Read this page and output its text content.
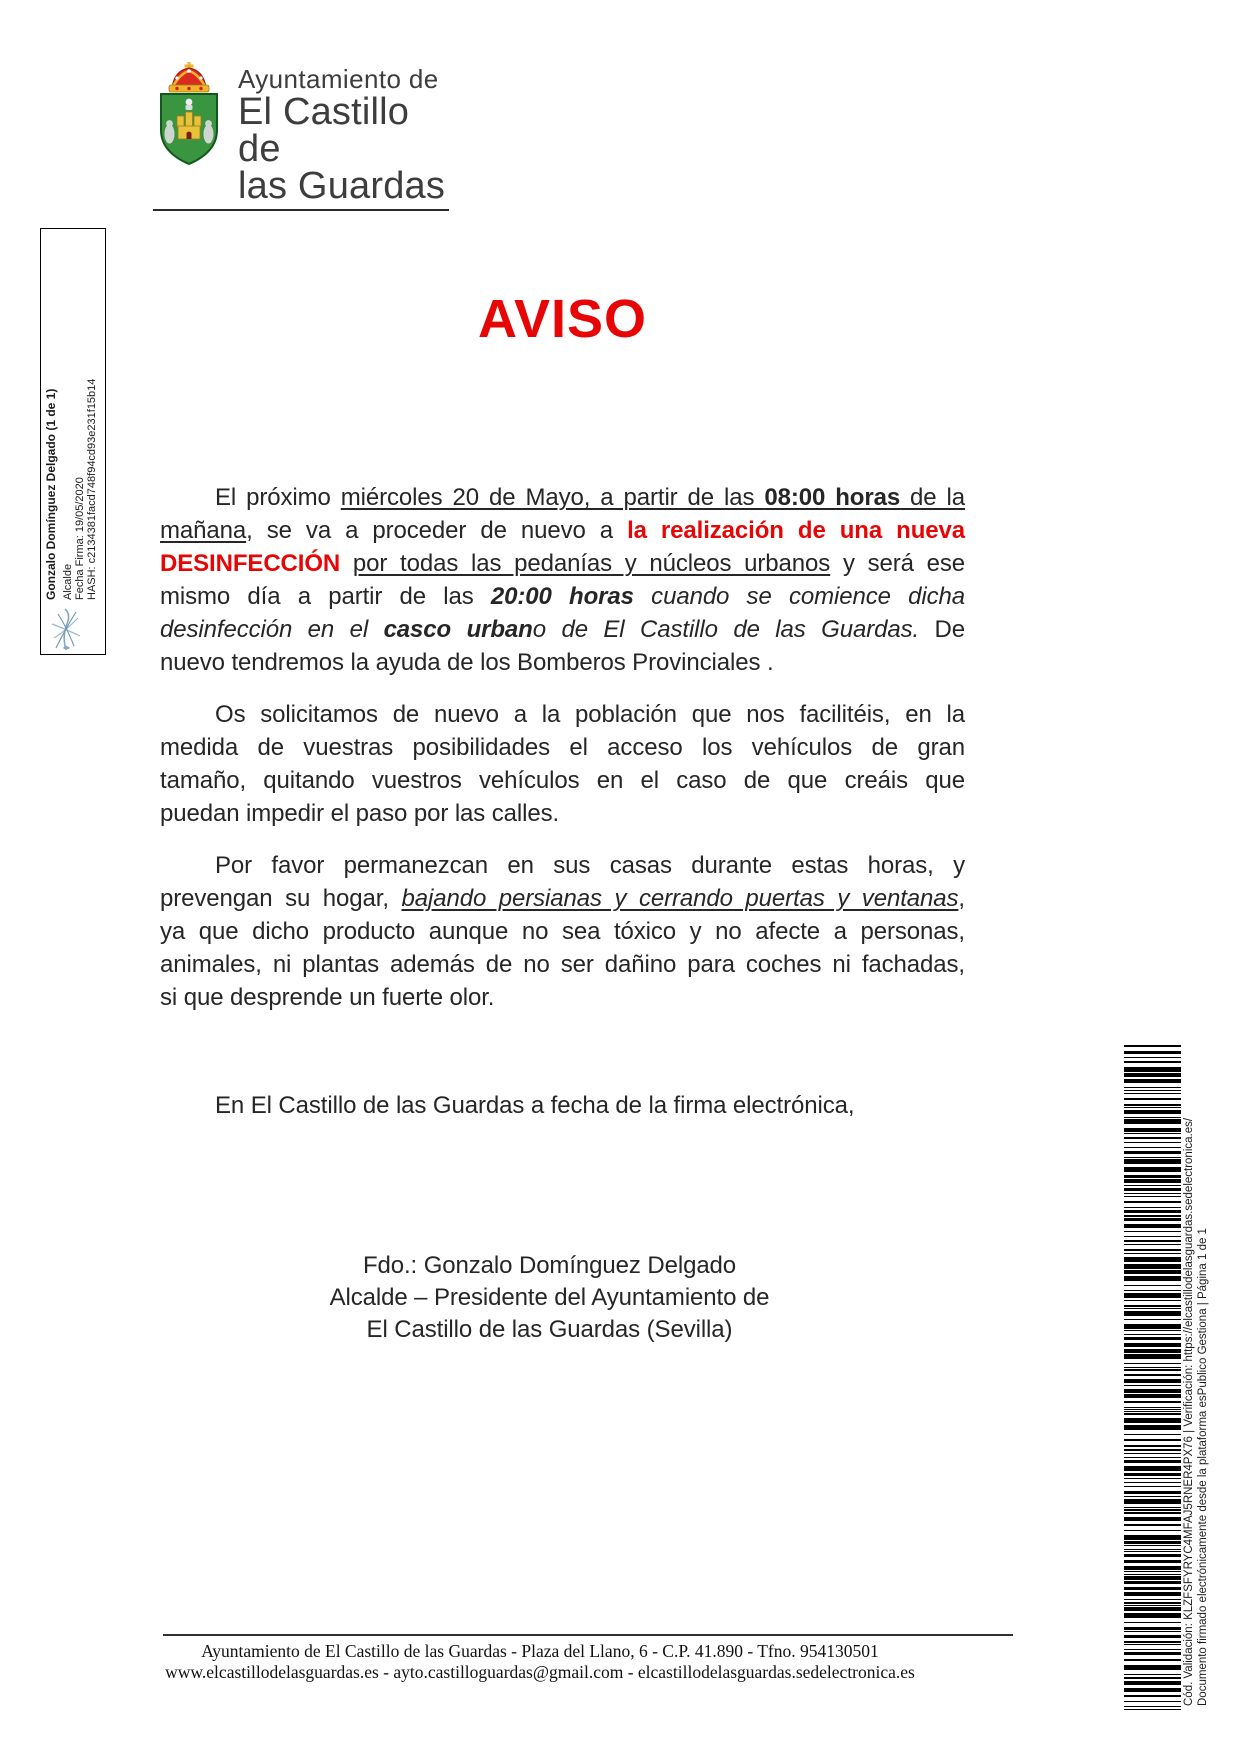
Ayuntamiento de
El Castillo de
las Guardas
Gonzalo Domínguez Delgado (1 de 1) Alcalde Fecha Firma: 19/05/2020 HASH: c2134381facd748f94cd93e231f15b14
AVISO
El próximo miércoles 20 de Mayo, a partir de las 08:00 horas de la
mañana, se va a proceder de nuevo a la realización de una nueva
DESINFECCIÓN por todas las pedanías y núcleos urbanos y será ese
mismo día a partir de las 20:00 horas cuando se comience dicha
desinfección en el casco urbano de El Castillo de las Guardas. De
nuevo tendremos la ayuda de los Bomberos Provinciales .
Os solicitamos de nuevo a la población que nos facilitéis, en la
medida de vuestras posibilidades el acceso los vehículos de gran
tamaño, quitando vuestros vehículos en el caso de que creáis que
puedan impedir el paso por las calles.
Por favor permanezcan en sus casas durante estas horas, y
prevengan su hogar, bajando persianas y cerrando puertas y ventanas,
ya que dicho producto aunque no sea tóxico y no afecte a personas,
animales, ni plantas además de no ser dañino para coches ni fachadas,
si que desprende un fuerte olor.
En El Castillo de las Guardas a fecha de la firma electrónica,
Fdo.: Gonzalo Domínguez Delgado
Alcalde – Presidente del Ayuntamiento de
El Castillo de las Guardas (Sevilla)
Ayuntamiento de El Castillo de las Guardas - Plaza del Llano, 6 - C.P. 41.890 - Tfno. 954130501
www.elcastillodelasguardas.es - ayto.castilloguardas@gmail.com - elcastillodelasguardas.sedelectronica.es	Cód. Validación: KLZFSFYRYC4MFAJ5RNER4PX76 | Verificación: https://elcastillodelasguardas.sedelectronica.es/ Documento firmado electrónicamente desde la plataforma esPublico Gestiona | Página 1 de 1
